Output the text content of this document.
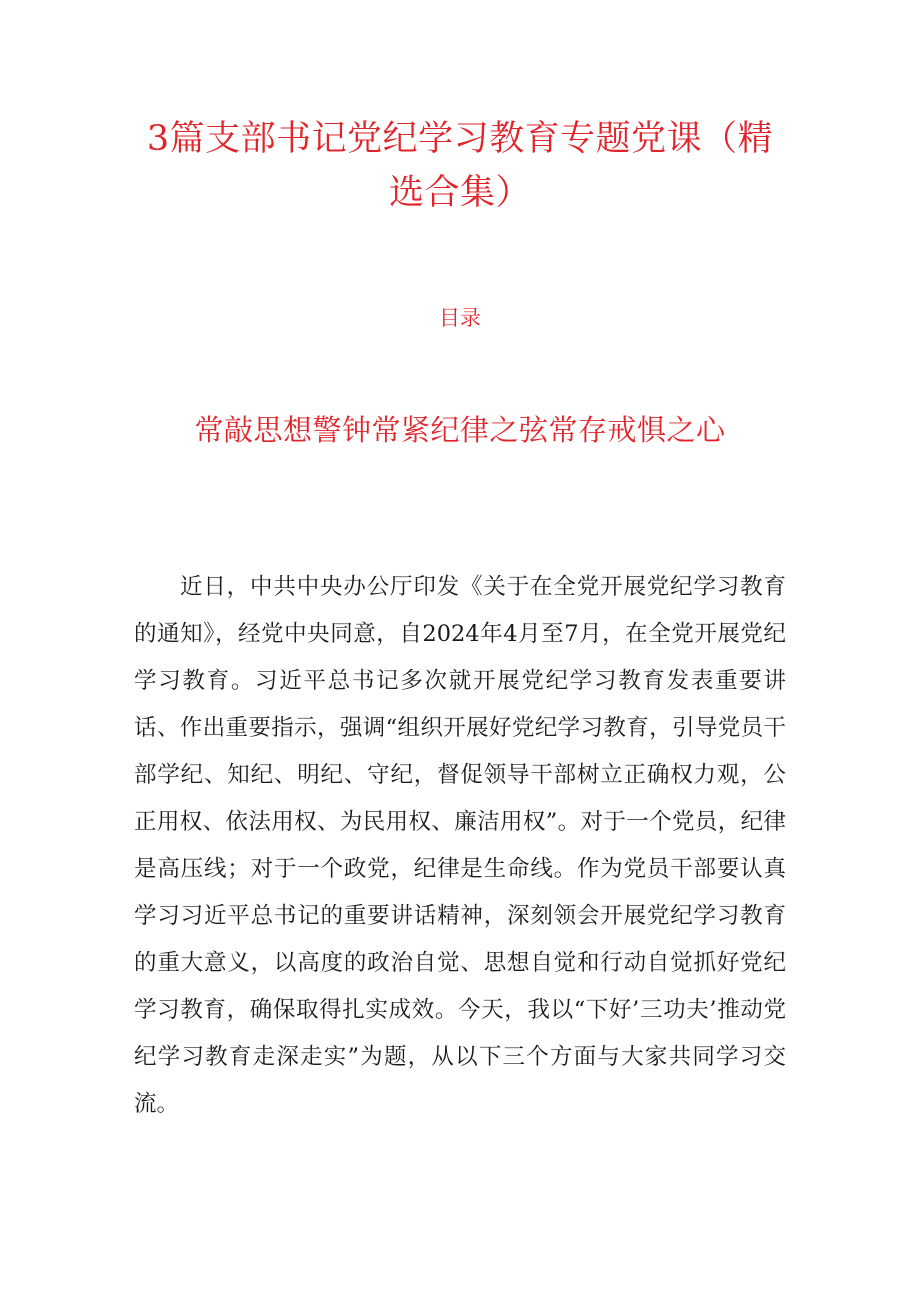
3篇支部书记党纪学习教育专题党课（精选合集）
目录
常敲思想警钟常紧纪律之弦常存戒惧之心

近日，中共中央办公厅印发《关于在全党开展党纪学习教育的通知》，经党中央同意，自2024年4月至7月，在全党开展党纪学习教育。习近平总书记多次就开展党纪学习教育发表重要讲话、作出重要指示，强调“组织开展好党纪学习教育，引导党员干部学纪、知纪、明纪、守纪，督促领导干部树立正确权力观，公正用权、依法用权、为民用权、廉洁用权”。对于一个党员，纪律是高压线；对于一个政党，纪律是生命线。作为党员干部要认真学习习近平总书记的重要讲话精神，深刻领会开展党纪学习教育的重大意义，以高度的政治自觉、思想自觉和行动自觉抓好党纪学习教育，确保取得扎实成效。今天，我以“下好’三功夫’推动党纪学习教育走深走实”为题，从以下三个方面与大家共同学习交流。
